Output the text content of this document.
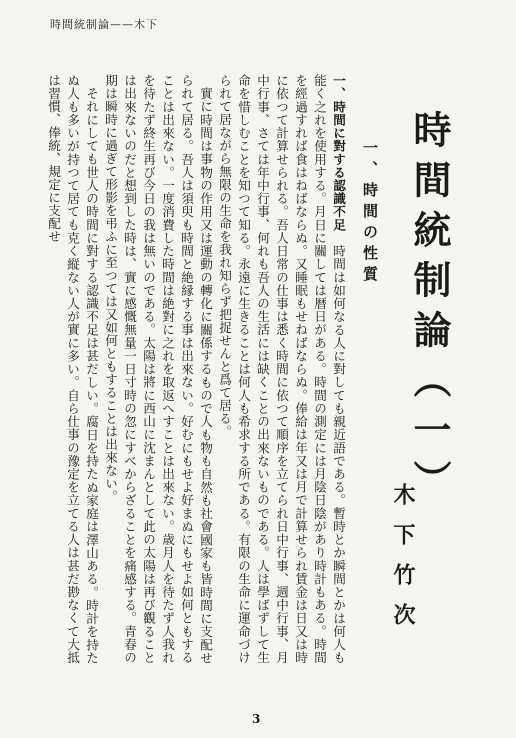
時間統制論——木下
時間統制論（一）
木下竹次
一、時間の性質

一、時間に對する認識不足　時間は如何なる人に對しても親近語である。暫時とか瞬間とかは何人も能く之れを使用する。月日に關しては暦日がある。時間の測定には月陰日陰があり時計もある。時間を經過すれば食はねばならぬ。又睡眠もせねばならぬ。俸給は年又は月で計算せられ賃金は日又は時に依つて計算せられる。吾人日常の仕事は悉く時間に依つて順序を立てられ日中行事、週中行事、月中行事、さては年中行事、何れも吾人の生活には缺くことの出來ないものである。人は學ばずして生命を惜しむことを知つて知る。永遠に生きることは何人も希求する所である。有限の生命に運命づけられて居ながら無限の生命を我れ知らず把捉せんと爲て居る。

實に時間は事物の作用又は運動の轉化に關係するもので人も物も自然も社會國家も皆時間に支配せられて居る。吾人は須臾も時間と絶縁する事は出來ない。好むにもせよ好まぬにもせよ如何ともすることは出來ない。一度消費した時間は絶對に之れを取返へすことは出來ない。歳月人を待たず人我れを待たず終生再び今日の我は無いのである。太陽は將に西山に沈まんとして此の太陽は再び觀ることは出來ないのだと想到した時は、實に感慨無量一日寸時の忽にすべからざることを痛感する。青春の期は瞬時に過ぎて形影を弔ふに至つては又如何ともすることは出來ない。

それにしても世人の時間に對する認識不足は甚だしい。腐日を持たぬ家庭は澤山ある。時計を持たぬ人も多いが持つて居ても克く縦ない人が實に多い。自ら仕事の豫定を立てる人は甚だ尠なくて大抵は習慣、俸統、規定に支配せ

3
